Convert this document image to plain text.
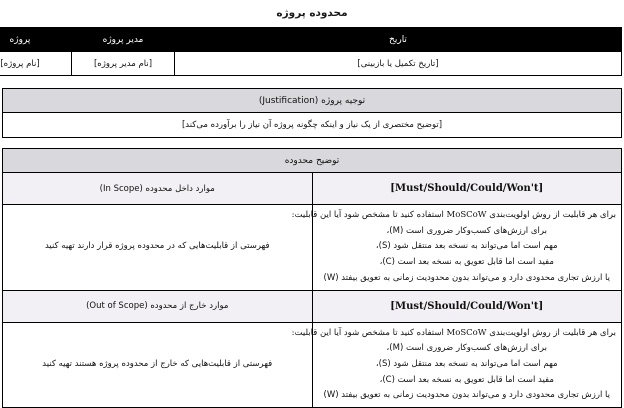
محدوده پروژه
تاریخ	مدیر پروژه	پروژه
[تاریخ تکمیل یا بازبینی]	[نام مدیر پروژه]	[نام پروژه]
توجیه پروژه (Justification)
[توضیح مختصری از یک نیاز و اینکه چگونه پروژه آن نیاز را برآورده می‌کند]
توضیح محدوده	
[Must/Should/Could/Won't]	موارد داخل محدوده (In Scope)

برای هر قابلیت از روش اولویت‌بندی MoSCoW استفاده کنید تا مشخص شود آیا این قابلیت:
برای ارزش‌های کسب‌وکار ضروری است (M)،
مهم است اما می‌تواند به نسخه بعد منتقل شود (S)،
مفید است اما قابل تعویق به نسخه بعد است (C)،
یا ارزش تجاری محدودی دارد و می‌تواند بدون محدودیت زمانی به تعویق بیفتد (W)	فهرستی از قابلیت‌هایی که در محدوده پروژه قرار دارند تهیه کنید
[Must/Should/Could/Won't]	موارد خارج از محدوده (Out of Scope)

برای هر قابلیت از روش اولویت‌بندی MoSCoW استفاده کنید تا مشخص شود آیا این قابلیت:
برای ارزش‌های کسب‌وکار ضروری است (M)،
مهم است اما می‌تواند به نسخه بعد منتقل شود (S)،
مفید است اما قابل تعویق به نسخه بعد است (C)،
یا ارزش تجاری محدودی دارد و می‌تواند بدون محدودیت زمانی به تعویق بیفتد (W)	فهرستی از قابلیت‌هایی که خارج از محدوده پروژه هستند تهیه کنید
